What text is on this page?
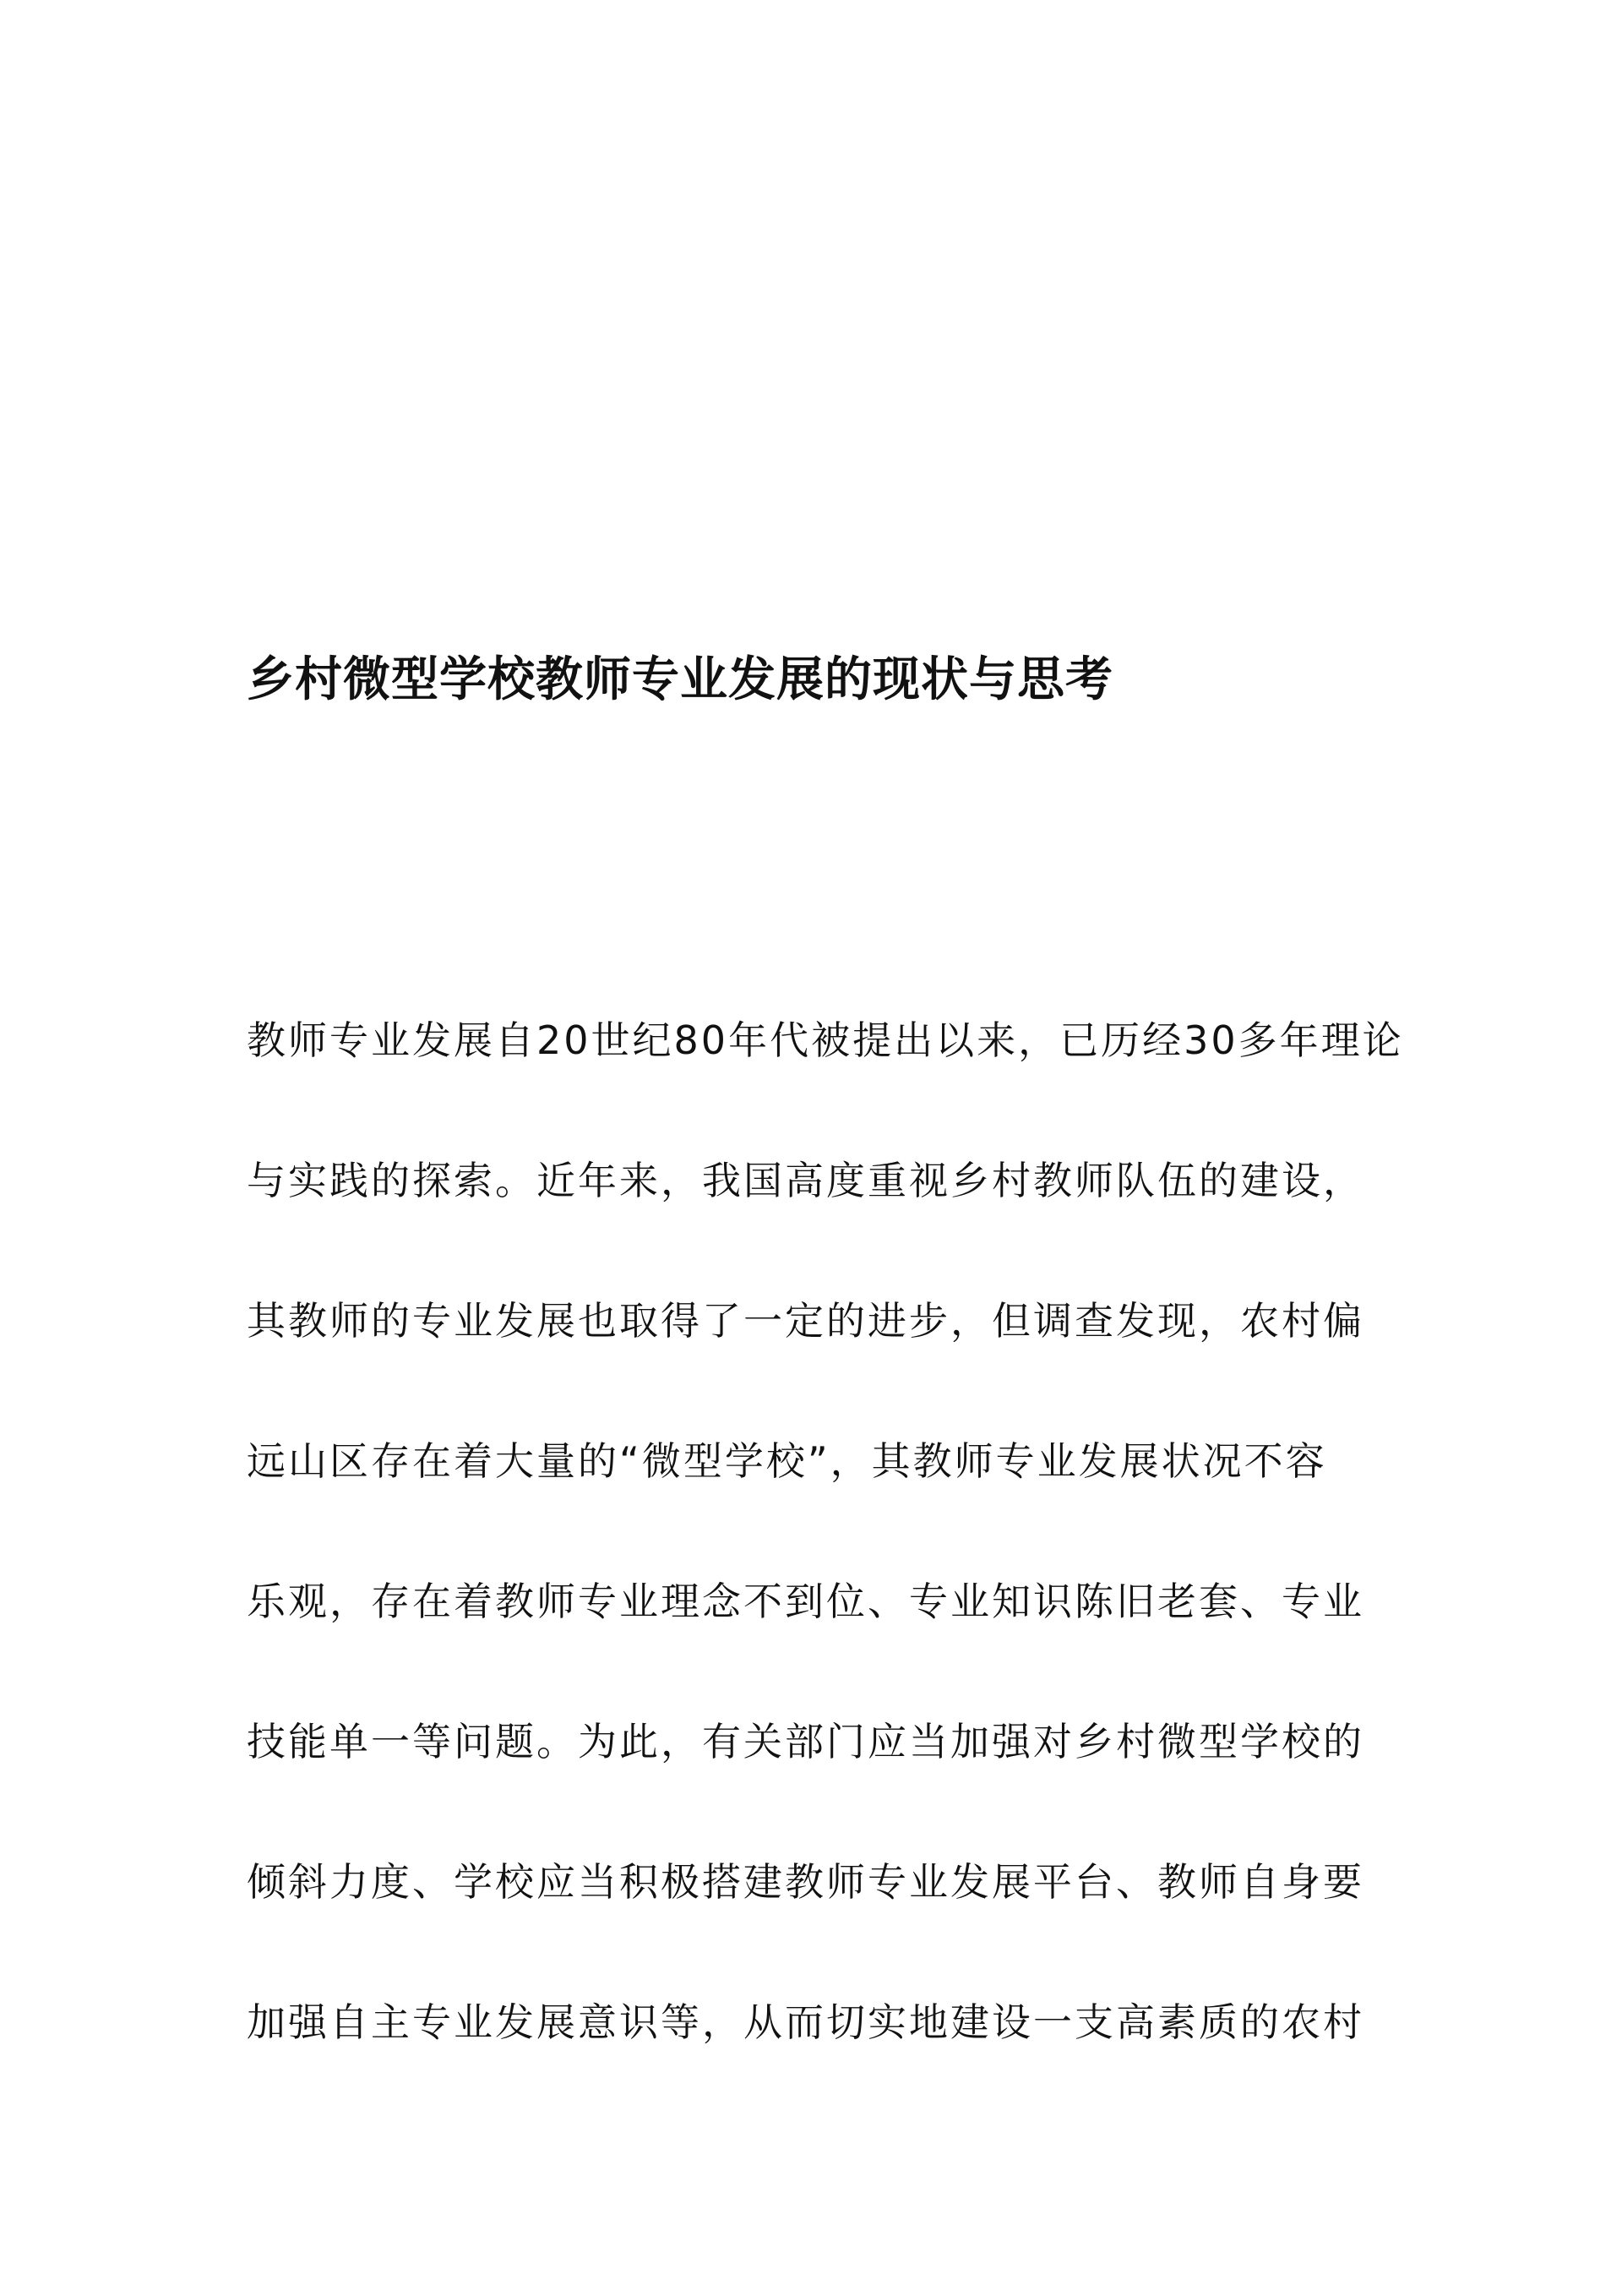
乡村微型学校教师专业发展的现状与思考
教师专业发展自20世纪80年代被提出以来，已历经30多年理论
与实践的探索。近年来，我国高度重视乡村教师队伍的建设，
其教师的专业发展也取得了一定的进步，但调查发现，农村偏
远山区存在着大量的“微型学校”，其教师专业发展状况不容
乐观，存在着教师专业理念不到位、专业知识陈旧老套、专业
技能单一等问题。为此，有关部门应当加强对乡村微型学校的
倾斜力度、学校应当积极搭建教师专业发展平台、教师自身要
加强自主专业发展意识等，从而切实地建设一支高素质的农村
